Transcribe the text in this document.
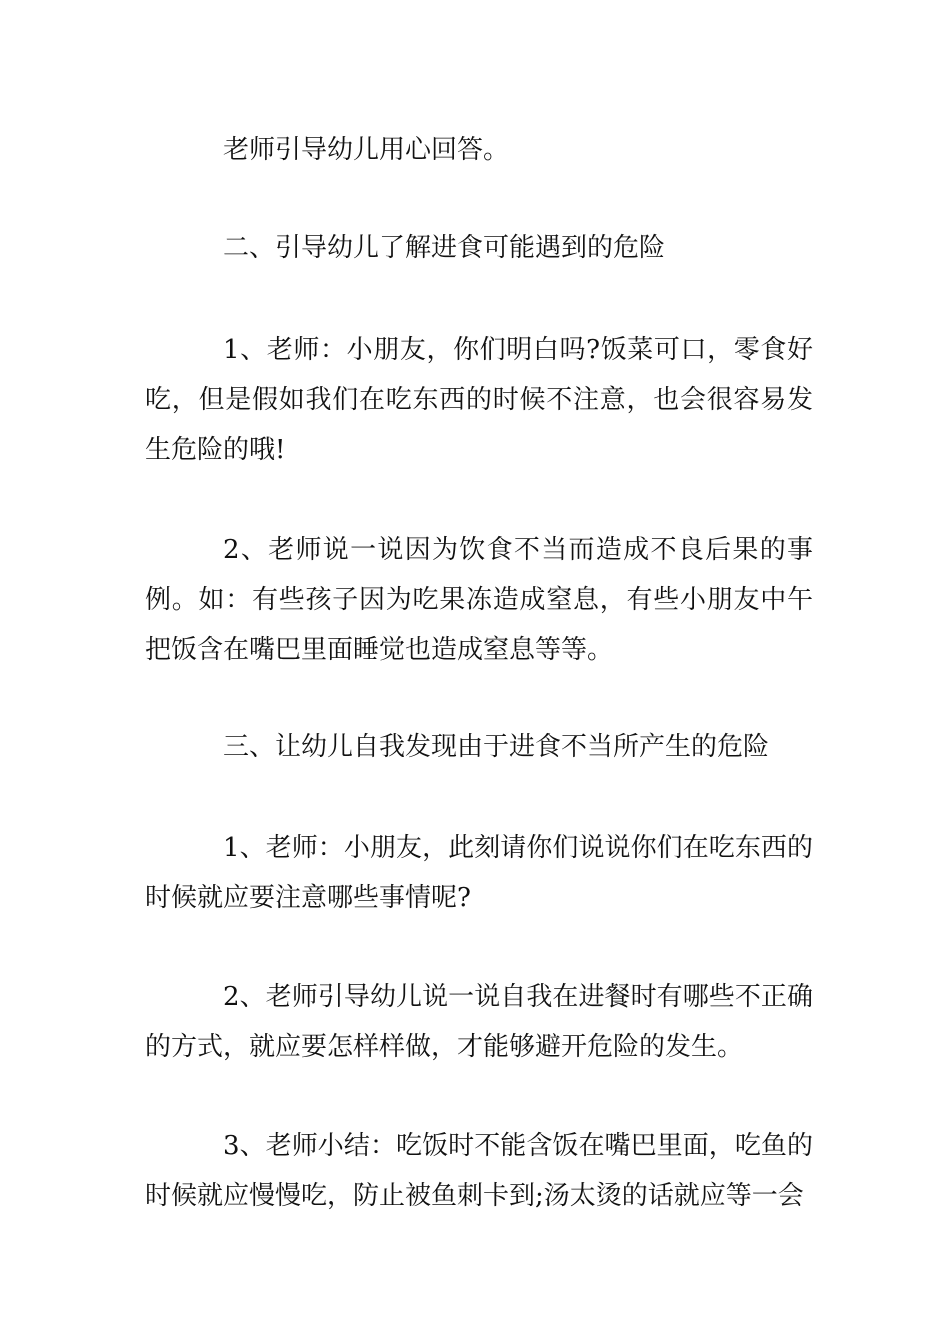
老师引导幼儿用心回答。

二、引导幼儿了解进食可能遇到的危险

1、老师：小朋友，你们明白吗?饭菜可口，零食好吃，但是假如我们在吃东西的时候不注意，也会很容易发生危险的哦!

2、老师说一说因为饮食不当而造成不良后果的事例。如：有些孩子因为吃果冻造成窒息，有些小朋友中午把饭含在嘴巴里面睡觉也造成窒息等等。

三、让幼儿自我发现由于进食不当所产生的危险

1、老师：小朋友，此刻请你们说说你们在吃东西的时候就应要注意哪些事情呢?

2、老师引导幼儿说一说自我在进餐时有哪些不正确的方式，就应要怎样样做，才能够避开危险的发生。

3、老师小结：吃饭时不能含饭在嘴巴里面，吃鱼的时候就应慢慢吃，防止被鱼刺卡到;汤太烫的话就应等一会
